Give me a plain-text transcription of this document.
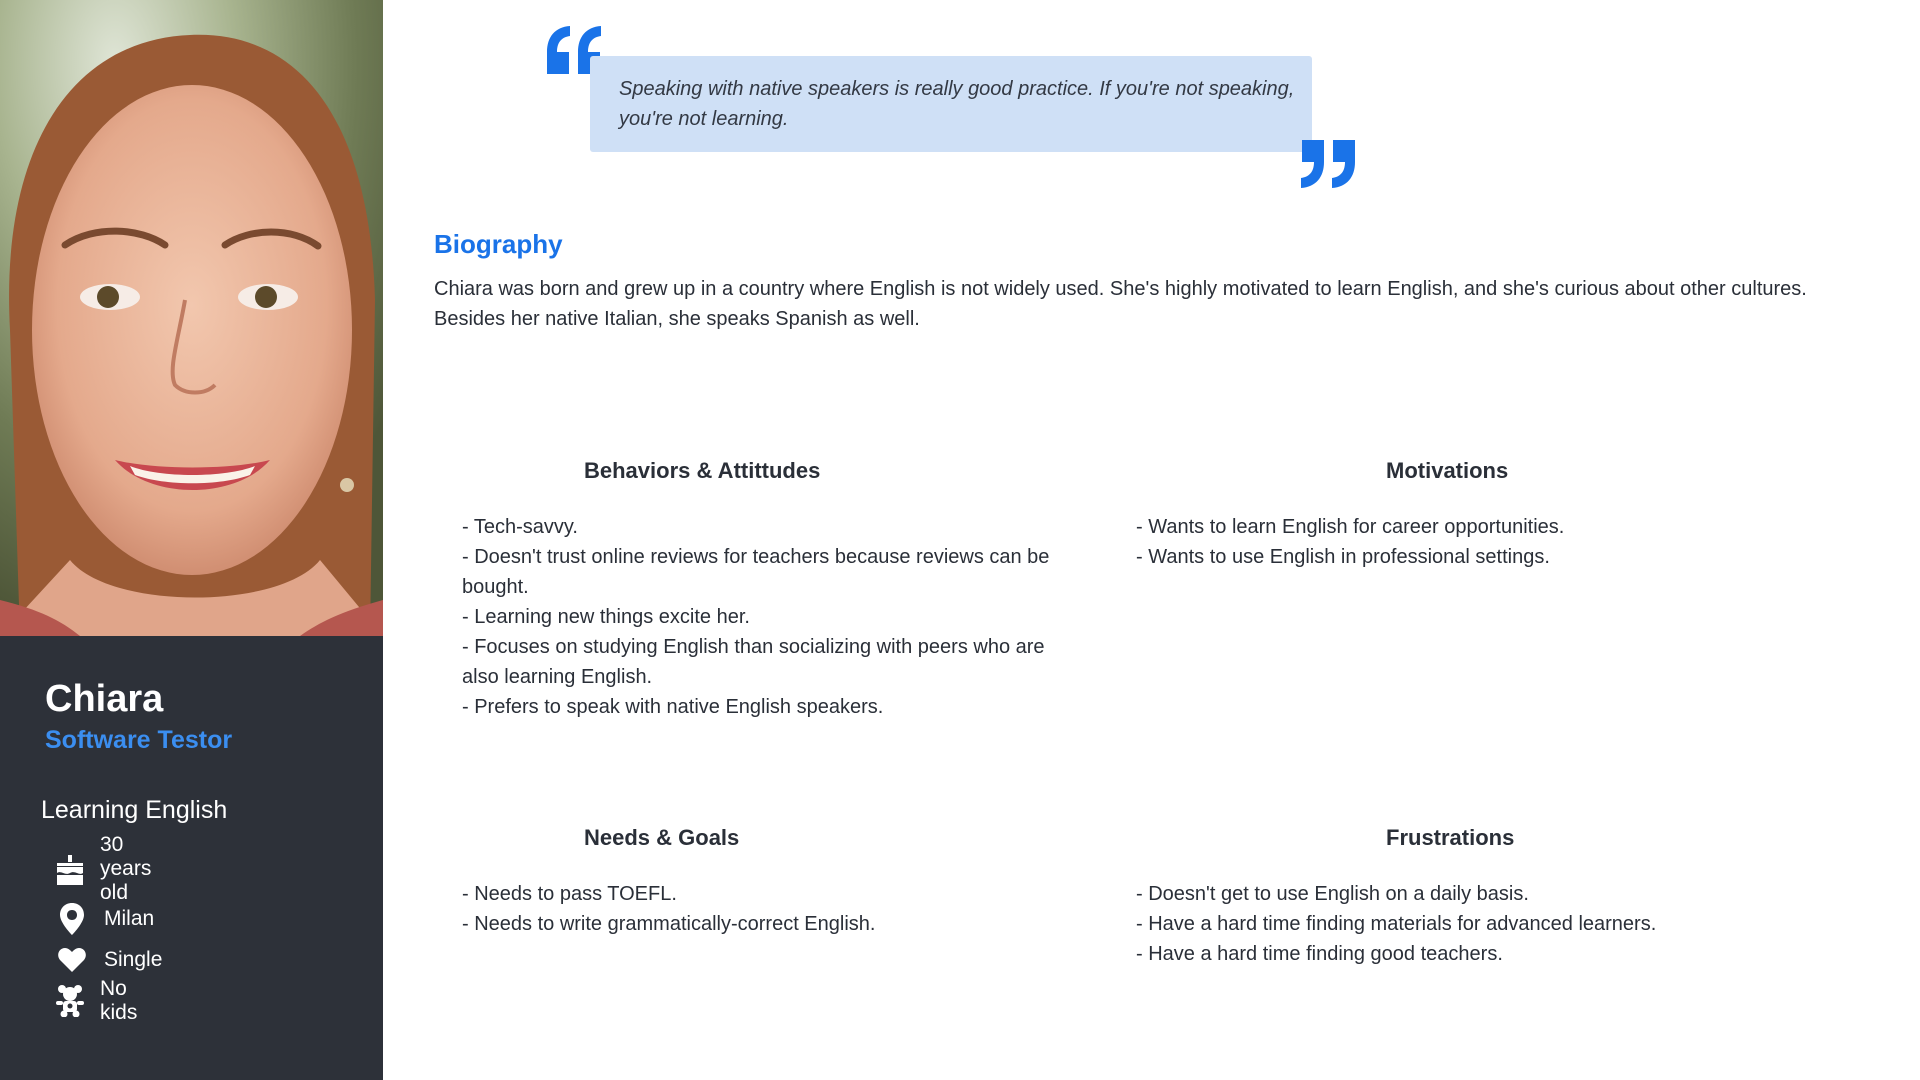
Chiara
Software Testor
Learning English
30 years old
Milan
Single
No kids
Speaking with native speakers is really good practice. If you're not speaking, you're not learning.
Biography
Chiara was born and grew up in a country where English is not widely used. She's highly motivated to learn English, and she's curious about other cultures. Besides her native Italian, she speaks Spanish as well.
Behaviors & Attittudes
- Tech-savvy.
- Doesn't trust online reviews for teachers because reviews can be bought.
- Learning new things excite her.
- Focuses on studying English than socializing with peers who are also learning English.
- Prefers to speak with native English speakers.
Motivations
- Wants to learn English for career opportunities.
- Wants to use English in professional settings.
Needs & Goals
- Needs to pass TOEFL.
- Needs to write grammatically-correct English.
Frustrations
- Doesn't get to use English on a daily basis.
- Have a hard time finding materials for advanced learners.
- Have a hard time finding good teachers.
